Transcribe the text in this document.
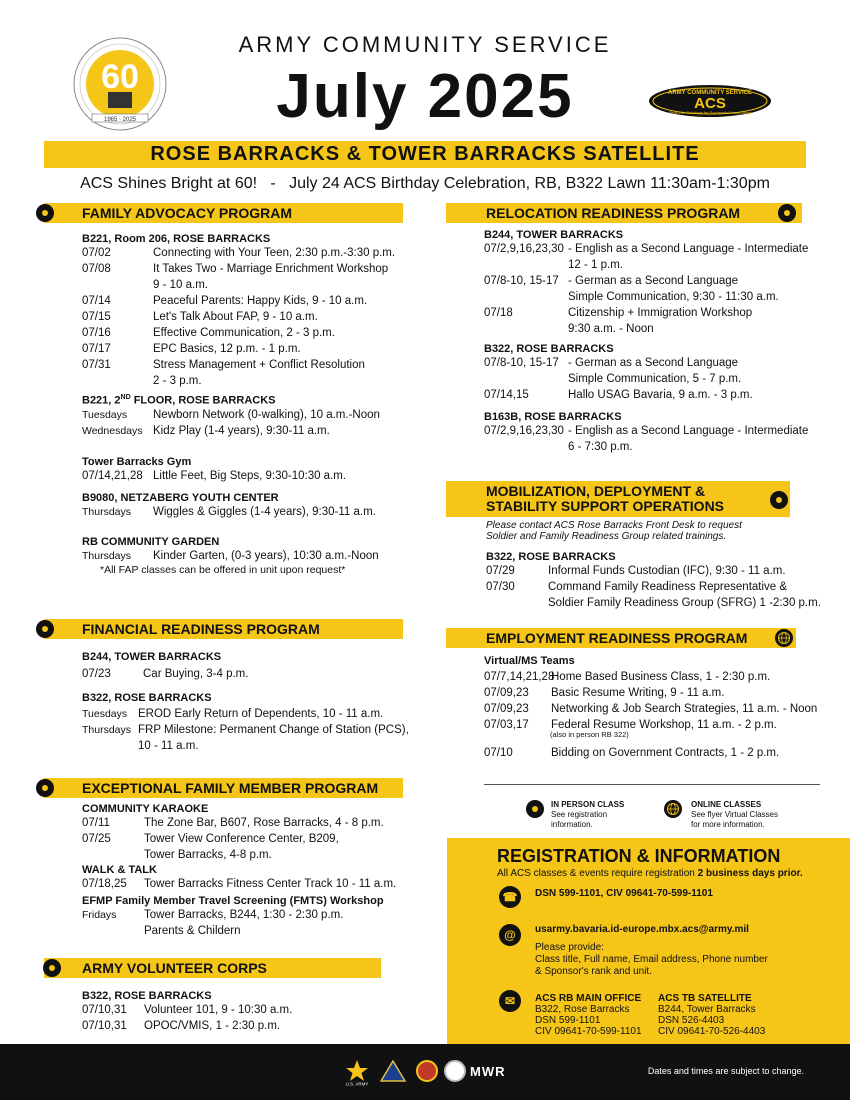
60
1965 · 2025
ARMY COMMUNITY SERVICE
July 2025	ARMY COMMUNITY SERVICE
ACS
Real-Life Solutions for Successful Army Living
ROSE BARRACKS & TOWER BARRACKS SATELLITE
ACS Shines Bright at 60!   -   July 24 ACS Birthday Celebration, RB, B322 Lawn 11:30am-1:30pm
FAMILY ADVOCACY PROGRAM
B221, Room 206, ROSE BARRACKS
07/02	Connecting with Your Teen, 2:30 p.m.-3:30 p.m.
07/08	It Takes Two - Marriage Enrichment Workshop
9 - 10 a.m.
07/14	Peaceful Parents: Happy Kids, 9 - 10 a.m.
07/15	Let's Talk About FAP, 9 - 10 a.m.
07/16	Effective Communication, 2 - 3 p.m.
07/17	EPC Basics, 12 p.m. - 1 p.m.
07/31	Stress Management + Conflict Resolution
2 - 3 p.m.
B221, 2ND FLOOR, ROSE BARRACKS
Tuesdays	Newborn Network (0-walking), 10 a.m.-Noon
Wednesdays Kidz Play (1-4 years), 9:30-11 a.m.
Tower Barracks Gym
07/14,21,28 Little Feet, Big Steps, 9:30-10:30 a.m.
B9080, NETZABERG YOUTH CENTER
Thursdays	Wiggles & Giggles (1-4 years), 9:30-11 a.m.
RB COMMUNITY GARDEN
Thursdays	Kinder Garten, (0-3 years), 10:30 a.m.-Noon
*All FAP classes can be offered in unit upon request*
FINANCIAL READINESS PROGRAM
B244, TOWER BARRACKS
07/23	Car Buying, 3-4 p.m.
B322, ROSE BARRACKS
Tuesdays EROD Early Return of Dependents, 10 - 11 a.m.
Thursdays FRP Milestone: Permanent Change of Station (PCS),
10 - 11 a.m.
EXCEPTIONAL FAMILY MEMBER PROGRAM
COMMUNITY KARAOKE
07/11	The Zone Bar, B607, Rose Barracks, 4 - 8 p.m.
07/25	Tower View Conference Center, B209,
Tower Barracks, 4-8 p.m.
WALK & TALK
07/18,25	Tower Barracks Fitness Center Track 10 - 11 a.m.
EFMP Family Member Travel Screening (FMTS) Workshop
Fridays	Tower Barracks, B244, 1:30 - 2:30 p.m.
Parents & Childern
ARMY VOLUNTEER CORPS
B322, ROSE BARRACKS
07/10,31	Volunteer 101, 9 - 10:30 a.m.
07/10,31	OPOC/VMIS, 1 - 2:30 p.m.
RELOCATION READINESS PROGRAM
B244, TOWER BARRACKS
07/2,9,16,23,30 - English as a Second Language - Intermediate
12 - 1 p.m.
07/8-10, 15-17 - German as a Second Language
Simple Communication, 9:30 - 11:30 a.m.
07/18	Citizenship + Immigration Workshop
9:30 a.m. - Noon
B322, ROSE BARRACKS
07/8-10, 15-17 - German as a Second Language
Simple Communication, 5 - 7 p.m.
07/14,15	Hallo USAG Bavaria, 9 a.m. - 3 p.m.
B163B, ROSE BARRACKS
07/2,9,16,23,30 - English as a Second Language - Intermediate
6 - 7:30 p.m.
MOBILIZATION, DEPLOYMENT &
STABILITY SUPPORT OPERATIONS
Please contact ACS Rose Barracks Front Desk to request
Soldier and Family Readiness Group related trainings.
B322, ROSE BARRACKS
07/29	Informal Funds Custodian (IFC), 9:30 - 11 a.m.
07/30	Command Family Readiness Representative &
Soldier Family Readiness Group (SFRG) 1 -2:30 p.m.
EMPLOYMENT READINESS PROGRAM
Virtual/MS Teams
07/7,14,21,28
Home Based Business Class, 1 - 2:30 p.m.
07/09,23	Basic Resume Writing, 9 - 11 a.m.
07/09,23	Networking & Job Search Strategies, 11 a.m. - Noon
07/03,17	Federal Resume Workshop, 11 a.m. - 2 p.m.
(also in person RB 322)
07/10	Bidding on Government Contracts, 1 - 2 p.m.
IN PERSON CLASS
See registration
information.
ONLINE CLASSES
See flyer Virtual Classes
for more information.
REGISTRATION & INFORMATION
All ACS classes & events require registration 2 business days prior.
☎	DSN 599-1101, CIV 09641-70-599-1101
@	usarmy.bavaria.id-europe.mbx.acs@army.mil
Please provide:
Class title, Full name, Email address, Phone number
& Sponsor's rank and unit.
✉	ACS RB MAIN OFFICE
B322, Rose Barracks
DSN 599-1101
CIV 09641-70-599-1101
ACS TB SATELLITE
B244, Tower Barracks
DSN 526-4403
CIV 09641-70-526-4403
U.S. ARMY
MWR	Dates and times are subject to change.
